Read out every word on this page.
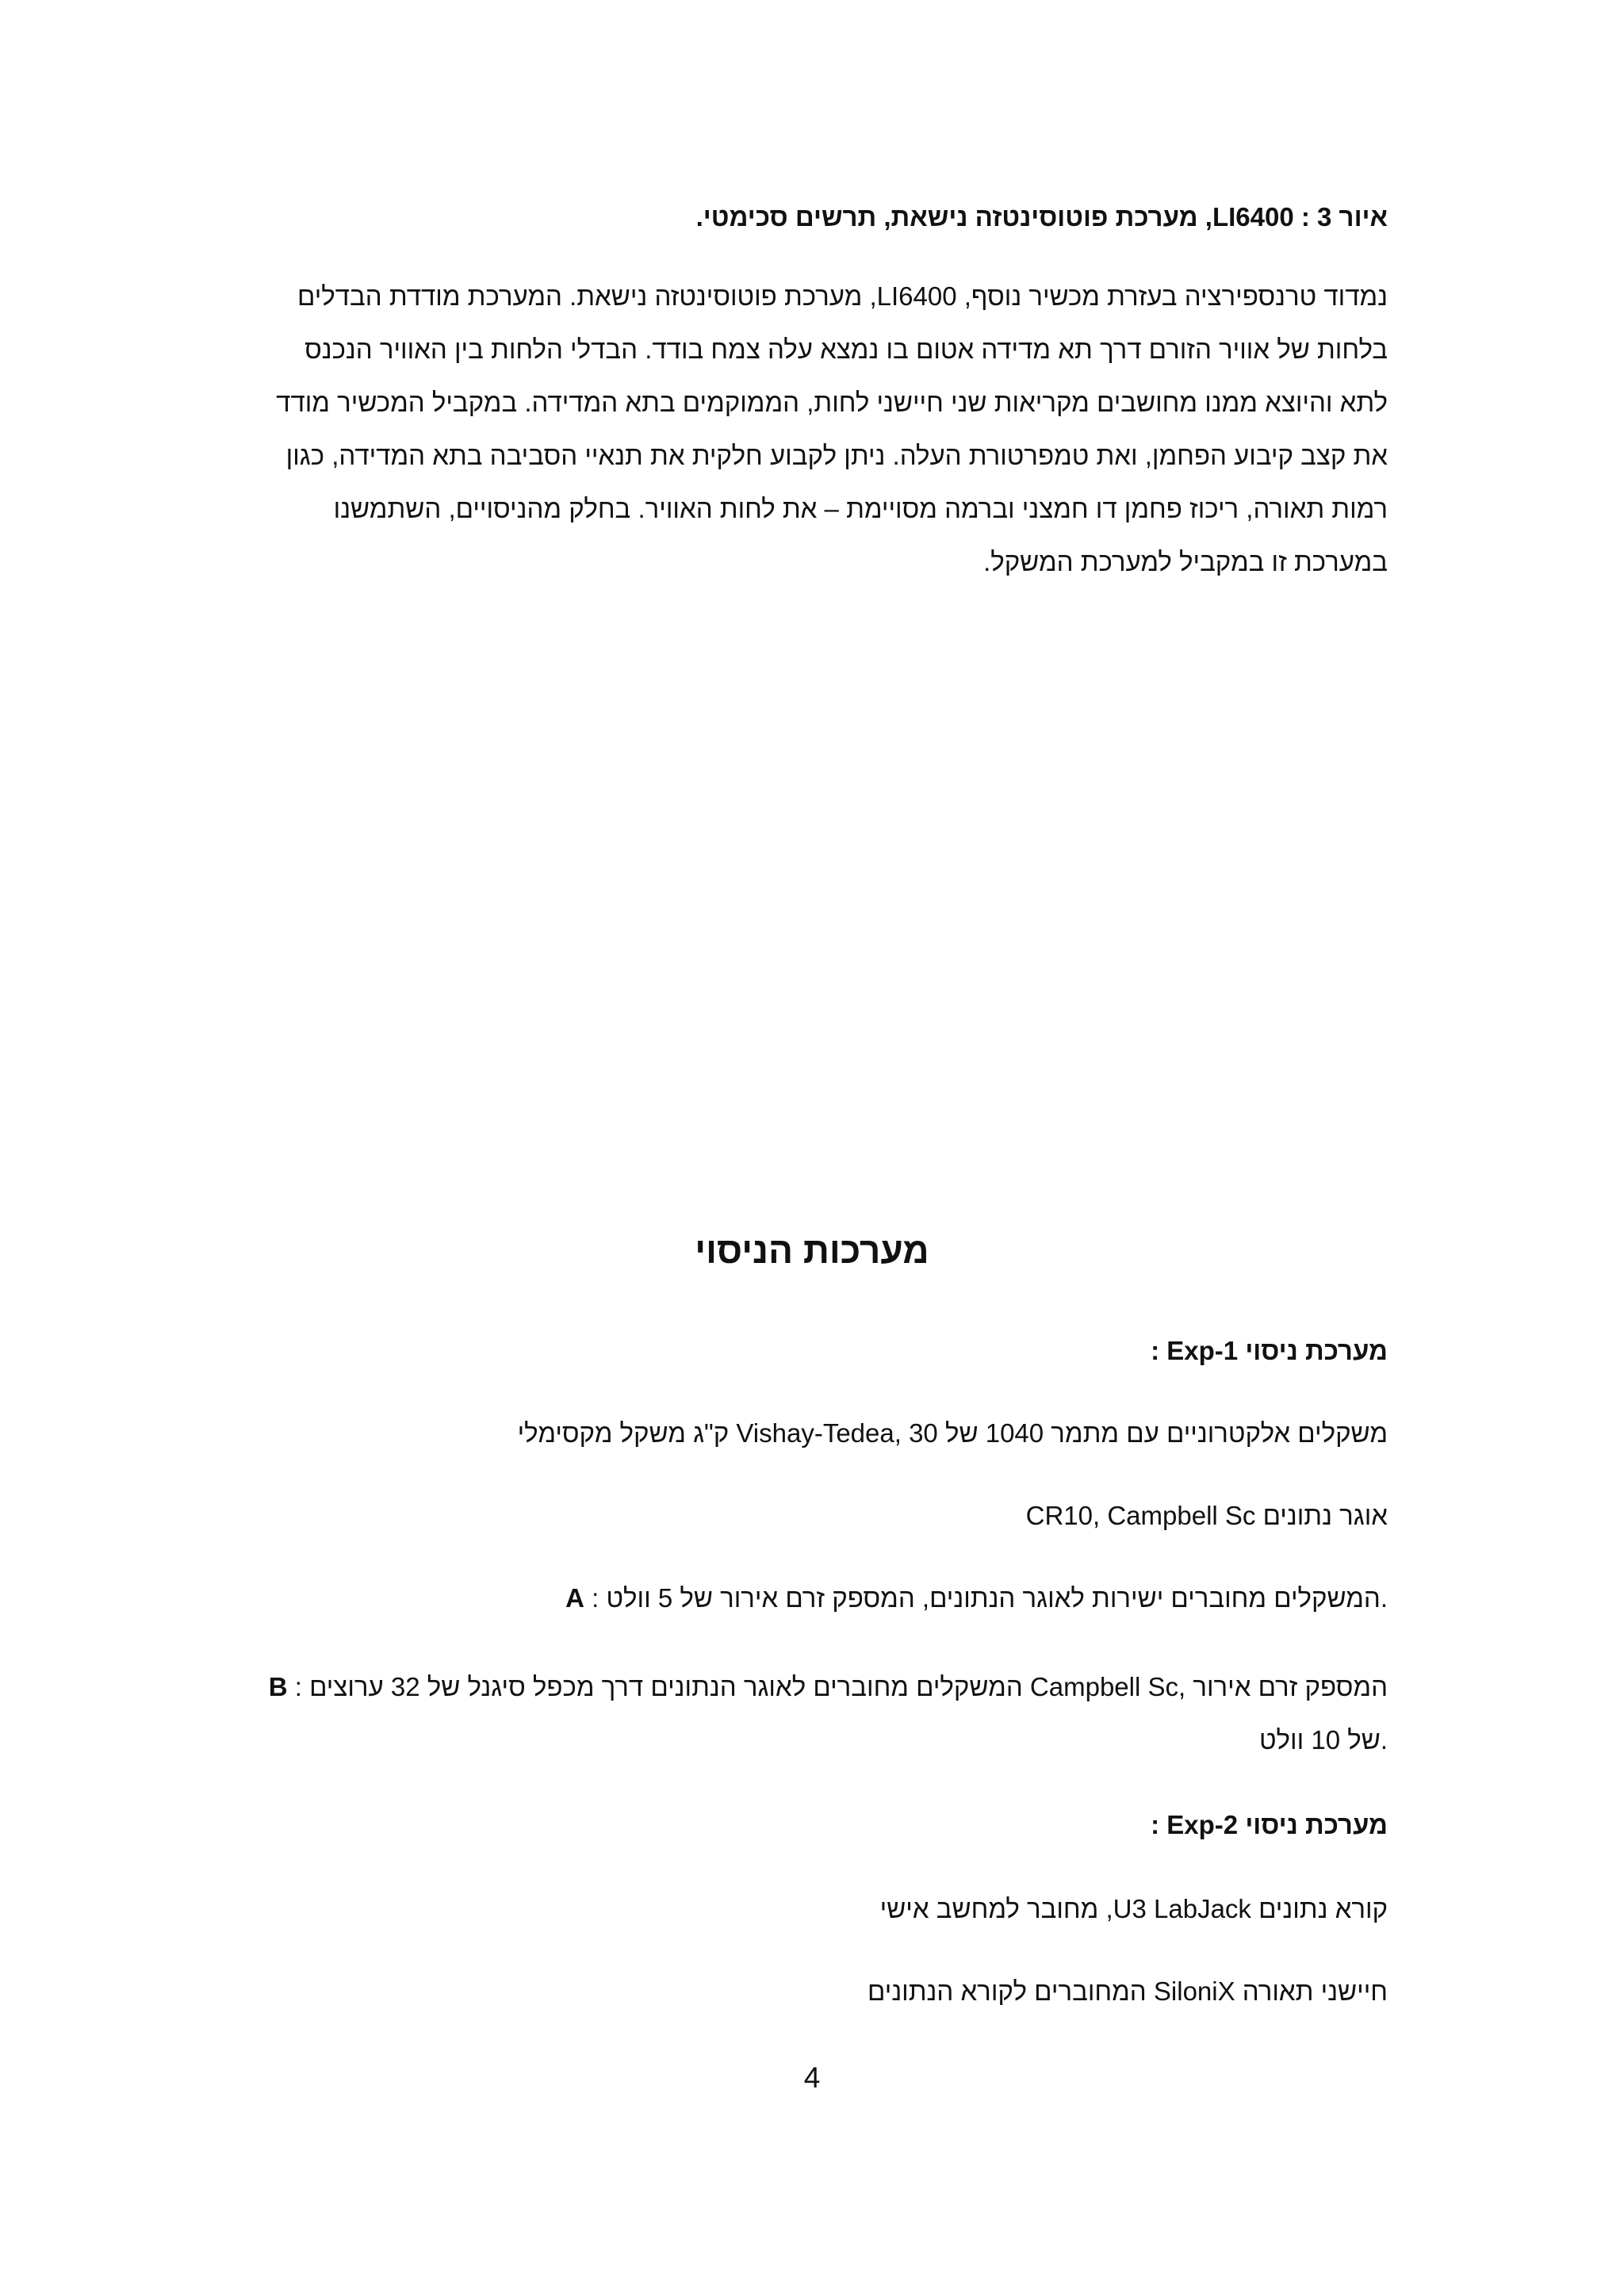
איור 3 : LI6400, מערכת פוטוסינטזה נישאת, תרשים סכימטי.

נמדוד טרנספירציה בעזרת מכשיר נוסף, LI6400, מערכת פוטוסינטזה נישאת. המערכת מודדת הבדלים בלחות של אוויר הזורם דרך תא מדידה אטום בו נמצא עלה צמח בודד. הבדלי הלחות בין האוויר הנכנס לתא והיוצא ממנו מחושבים מקריאות שני חיישני לחות, הממוקמים בתא המדידה. במקביל המכשיר מודד את קצב קיבוע הפחמן, ואת טמפרטורת העלה. ניתן לקבוע חלקית את תנאיי הסביבה בתא המדידה, כגון רמות תאורה, ריכוז פחמן דו חמצני וברמה מסויימת – את לחות האוויר. בחלק מהניסויים, השתמשנו במערכת זו במקביל למערכת המשקל.

מערכות הניסוי
מערכת ניסוי Exp-1 :
משקלים אלקטרוניים עם מתמר 1040 של Vishay-Tedea, 30 ק"ג משקל מקסימלי
אוגר נתונים CR10, Campbell Sc
A : המשקלים מחוברים ישירות לאוגר הנתונים, המספק זרם אירור של 5 וולט.
B : המשקלים מחוברים לאוגר הנתונים דרך מכפל סיגנל של 32 ערוצים Campbell Sc, המספק זרם אירור של 10 וולט.
מערכת ניסוי Exp-2 :
קורא נתונים U3 LabJack, מחובר למחשב אישי
חיישני תאורה SiloniX המחוברים לקורא הנתונים
4
